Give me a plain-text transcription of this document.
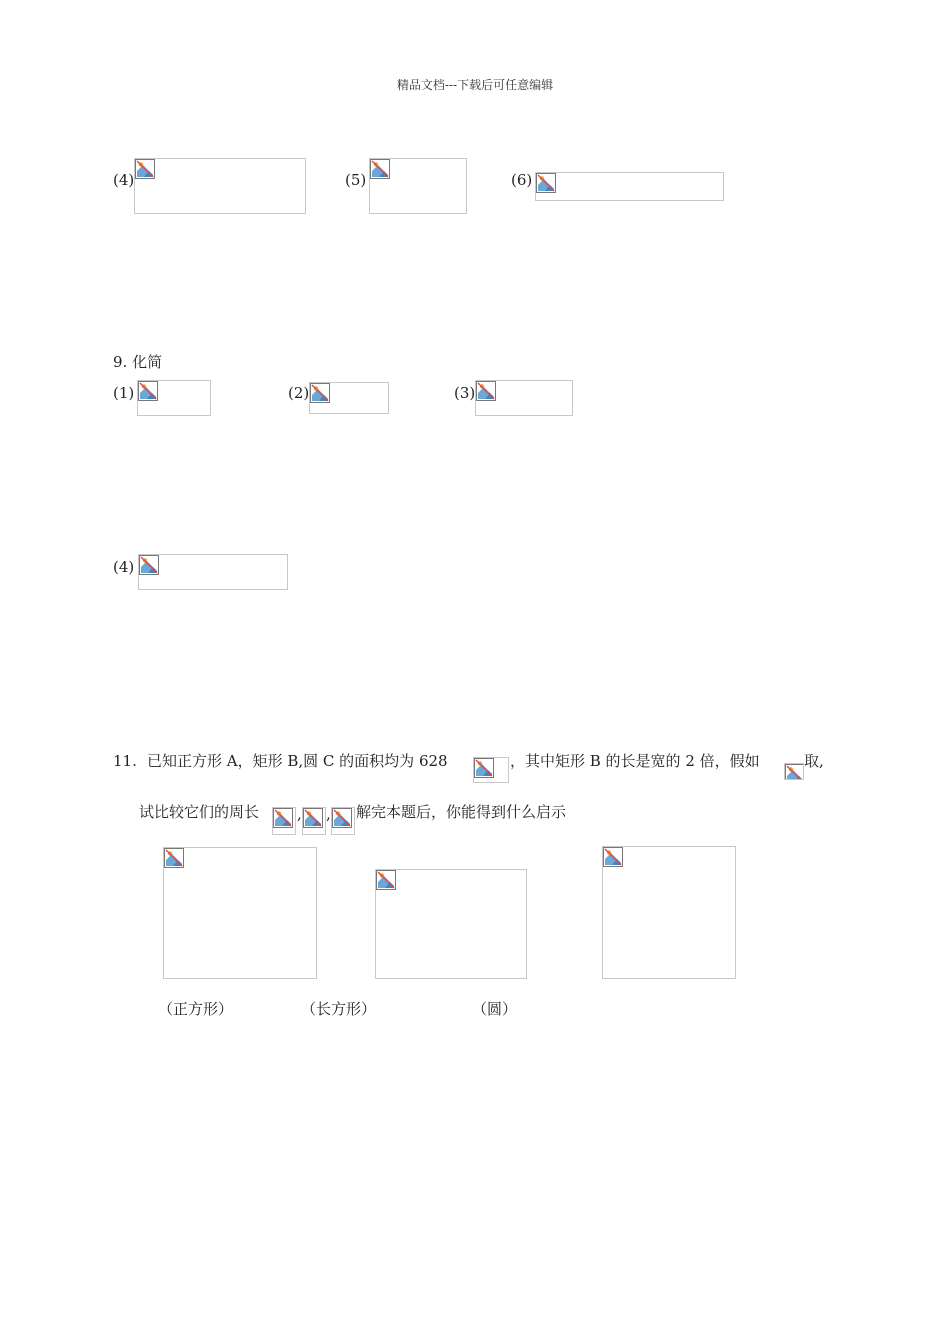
精品文档---下载后可任意编辑
(4)	(5)	(6)
9. 化简
(1)	(2)	(3)
(4)
11. 已知正方形 A，矩形 B,圆 C 的面积均为 628	，其中矩形 B 的长是宽的 2 倍，假如	取,
试比较它们的周长	, , 解完本题后，你能得到什么启示
（正方形）	（长方形）	（圆）
